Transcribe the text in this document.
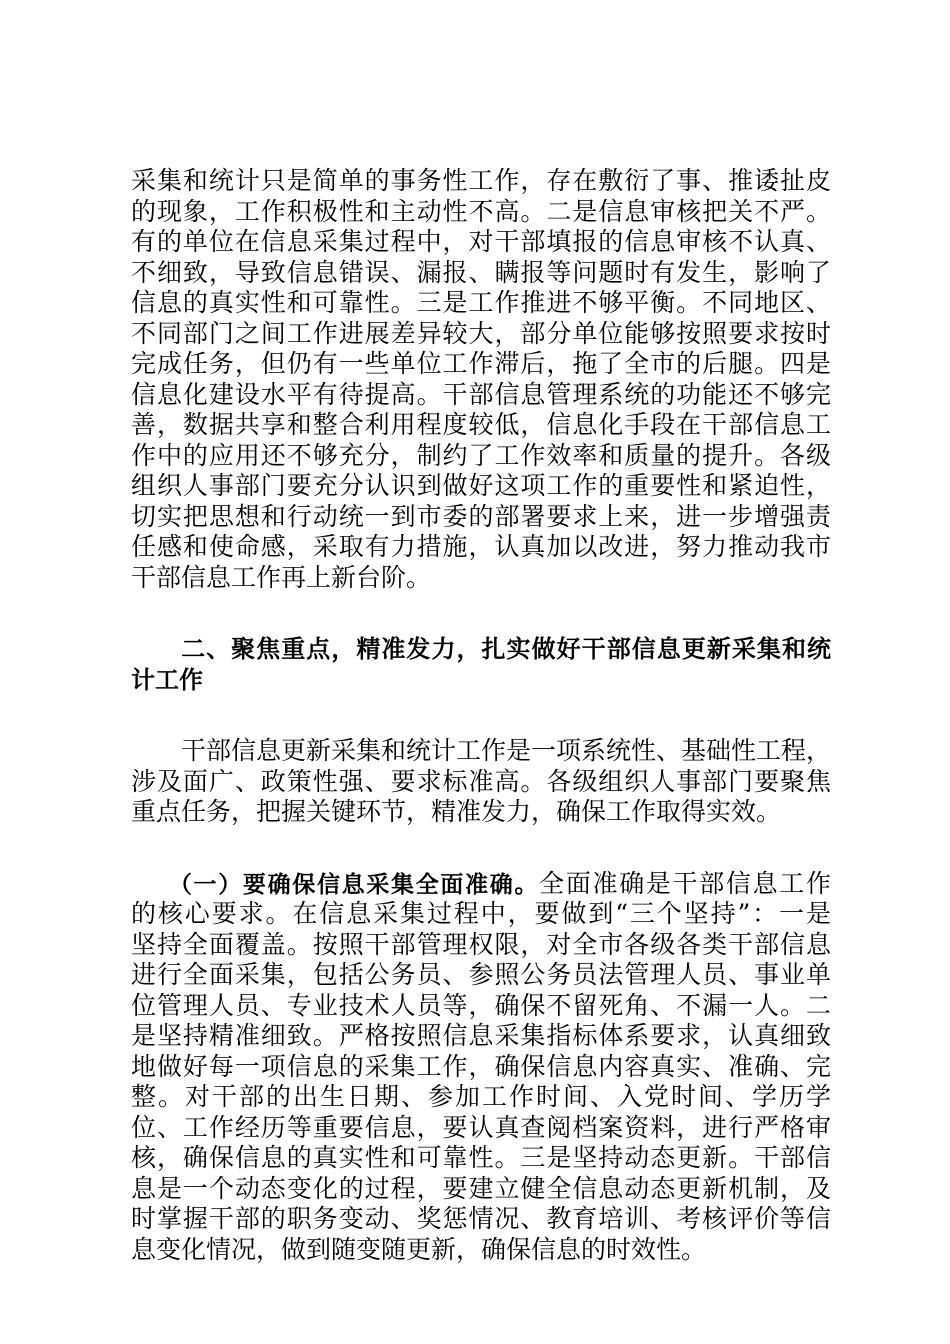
采集和统计只是简单的事务性工作，存在敷衍了事、推诿扯皮
的现象，工作积极性和主动性不高。二是信息审核把关不严。
有的单位在信息采集过程中，对干部填报的信息审核不认真、
不细致，导致信息错误、漏报、瞒报等问题时有发生，影响了
信息的真实性和可靠性。三是工作推进不够平衡。不同地区、
不同部门之间工作进展差异较大，部分单位能够按照要求按时
完成任务，但仍有一些单位工作滞后，拖了全市的后腿。四是
信息化建设水平有待提高。干部信息管理系统的功能还不够完
善，数据共享和整合利用程度较低，信息化手段在干部信息工
作中的应用还不够充分，制约了工作效率和质量的提升。各级
组织人事部门要充分认识到做好这项工作的重要性和紧迫性，
切实把思想和行动统一到市委的部署要求上来，进一步增强责
任感和使命感，采取有力措施，认真加以改进，努力推动我市
干部信息工作再上新台阶。
　　二、聚焦重点，精准发力，扎实做好干部信息更新采集和统
计工作
　　干部信息更新采集和统计工作是一项系统性、基础性工程，
涉及面广、政策性强、要求标准高。各级组织人事部门要聚焦
重点任务，把握关键环节，精准发力，确保工作取得实效。
　　（一）要确保信息采集全面准确。全面准确是干部信息工作
的核心要求。在信息采集过程中，要做到“三个坚持”：一是
坚持全面覆盖。按照干部管理权限，对全市各级各类干部信息
进行全面采集，包括公务员、参照公务员法管理人员、事业单
位管理人员、专业技术人员等，确保不留死角、不漏一人。二
是坚持精准细致。严格按照信息采集指标体系要求，认真细致
地做好每一项信息的采集工作，确保信息内容真实、准确、完
整。对干部的出生日期、参加工作时间、入党时间、学历学
位、工作经历等重要信息，要认真查阅档案资料，进行严格审
核，确保信息的真实性和可靠性。三是坚持动态更新。干部信
息是一个动态变化的过程，要建立健全信息动态更新机制，及
时掌握干部的职务变动、奖惩情况、教育培训、考核评价等信
息变化情况，做到随变随更新，确保信息的时效性。
